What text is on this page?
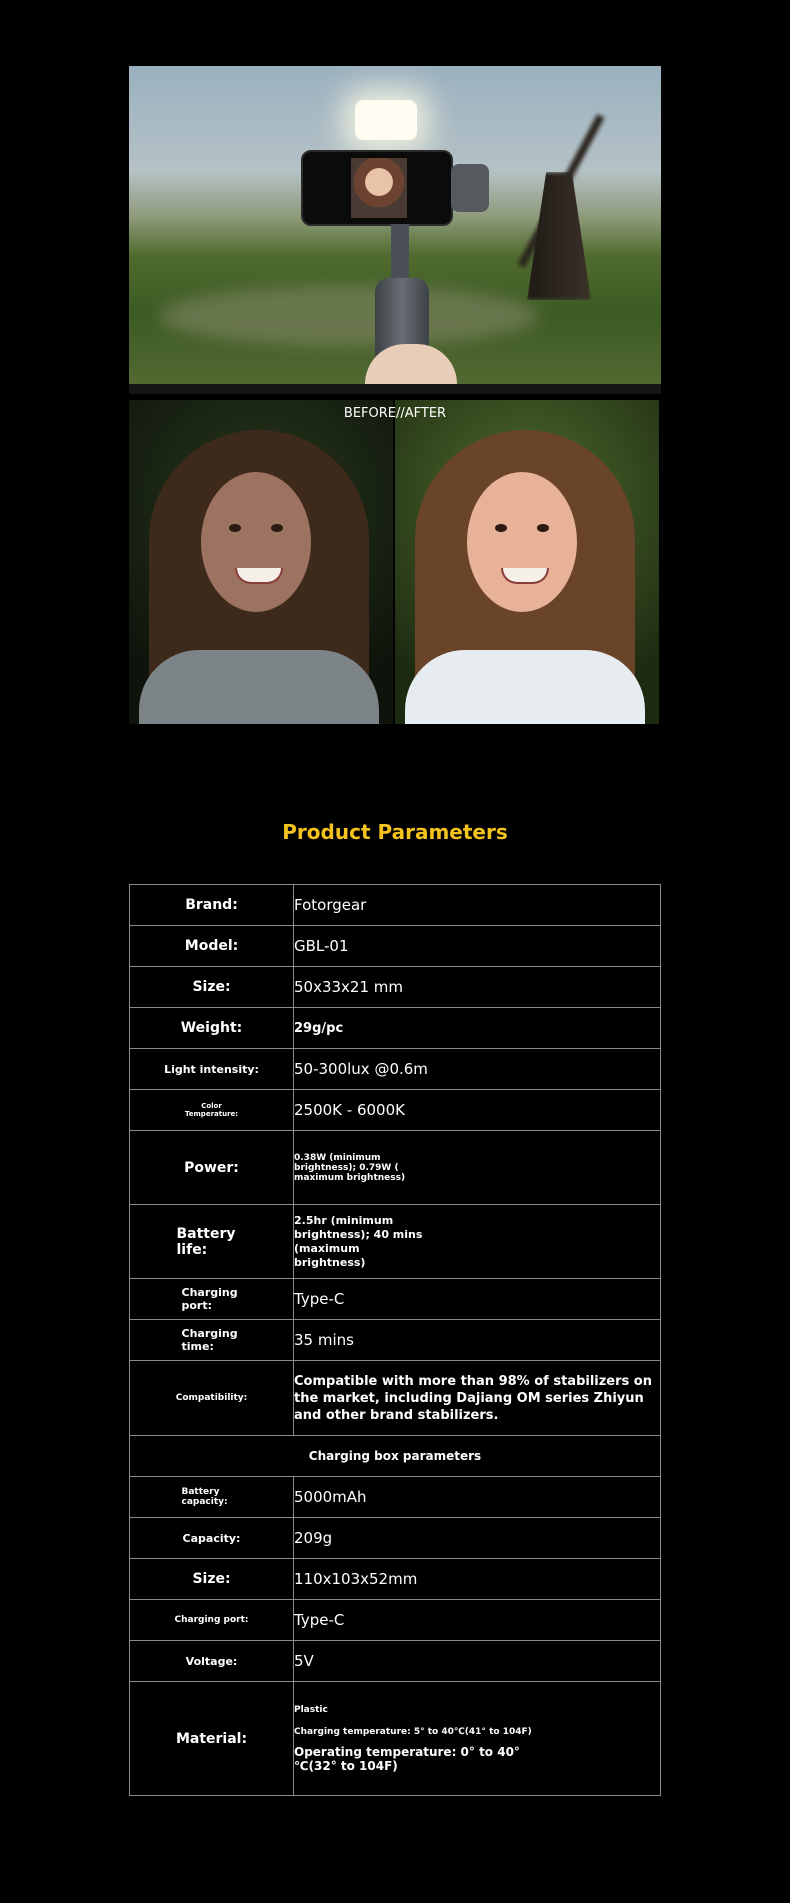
BEFORE//AFTER
Product Parameters
Brand:	Fotorgear
Model:	GBL-01
Size:	50x33x21 mm
Weight:	29g/pc
Light intensity:	50-300lux @0.6m
Color Temperature:	2500K - 6000K
Power:	0.38W (minimum brightness); 0.79W ( maximum brightness)
Battery life:	2.5hr (minimum brightness); 40 mins (maximum brightness)
Charging port:	Type-C
Charging time:	35 mins
Compatibility:	Compatible with more than 98% of stabilizers on the market, including Dajiang OM series Zhiyun and other brand stabilizers.
Charging box parameters	
Battery capacity:	5000mAh
Capacity:	209g
Size:	110x103x52mm
Charging port:	Type-C
Voltage:	5V
Material:	Plastic
Charging temperature: 5° to 40℃(41° to 104F)
Operating temperature: 0° to 40° ℃(32° to 104F)
